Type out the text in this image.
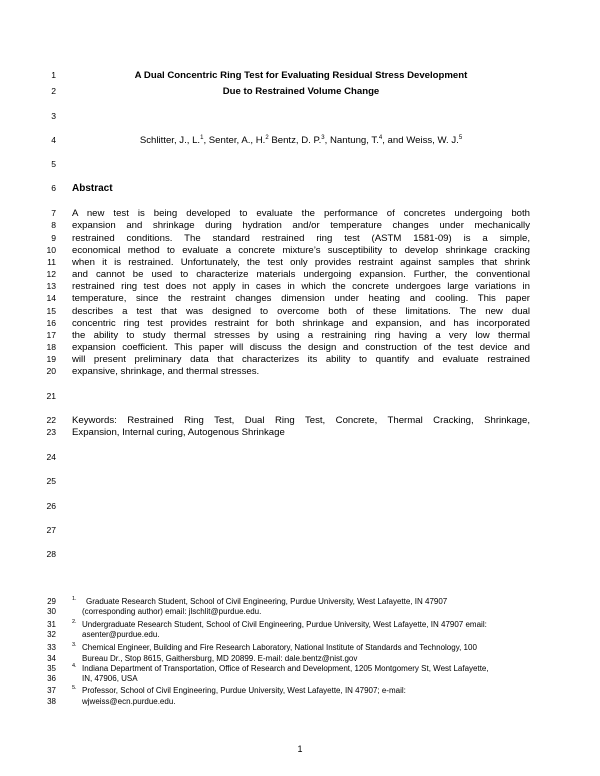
1
2
3
4
5
6
7
8
9
10
11
12
13
14
15
16
17
18
19
20
21
22
23
24
25
26
27
28
A Dual Concentric Ring Test for Evaluating Residual Stress Development
Due to Restrained Volume Change
Schlitter, J., L.$^1$, Senter, A., H.$^2$ Bentz, D. P.$^3$, Nantung, T.$^4$, and Weiss, W. J.$^5$
Abstract
A new test is being developed to evaluate the performance of concretes undergoing both
expansion and shrinkage during hydration and/or temperature changes under mechanically
restrained conditions. The standard restrained ring test (ASTM 1581-09) is a simple,
economical method to evaluate a concrete mixture’s susceptibility to develop shrinkage cracking
when it is restrained. Unfortunately, the test only provides restraint against samples that shrink
and cannot be used to characterize materials undergoing expansion. Further, the conventional
restrained ring test does not apply in cases in which the concrete undergoes large variations in
temperature, since the restraint changes dimension under heating and cooling. This paper
describes a test that was designed to overcome both of these limitations. The new dual
concentric ring test provides restraint for both shrinkage and expansion, and has incorporated
the ability to study thermal stresses by using a restraining ring having a very low thermal
expansion coefficient. This paper will discuss the design and construction of the test device and
will present preliminary data that characterizes its ability to quantify and evaluate restrained
expansive, shrinkage, and thermal stresses.
Keywords: Restrained Ring Test, Dual Ring Test, Concrete, Thermal Cracking, Shrinkage,
Expansion, Internal curing, Autogenous Shrinkage
29
30
31
32
33
34
35
36
37
38
1. Graduate Research Student, School of Civil Engineering, Purdue University, West Lafayette, IN 47907
(corresponding author) email: jlschlit@purdue.edu.
2. Undergraduate Research Student, School of Civil Engineering, Purdue University, West Lafayette, IN 47907 email:
asenter@purdue.edu.
3. Chemical Engineer, Building and Fire Research Laboratory, National Institute of Standards and Technology, 100
Bureau Dr., Stop 8615, Gaithersburg, MD 20899. E-mail: dale.bentz@nist.gov
4. Indiana Department of Transportation, Office of Research and Development, 1205 Montgomery St, West Lafayette,
IN, 47906, USA
5. Professor, School of Civil Engineering, Purdue University, West Lafayette, IN 47907; e-mail:
wjweiss@ecn.purdue.edu.
1
